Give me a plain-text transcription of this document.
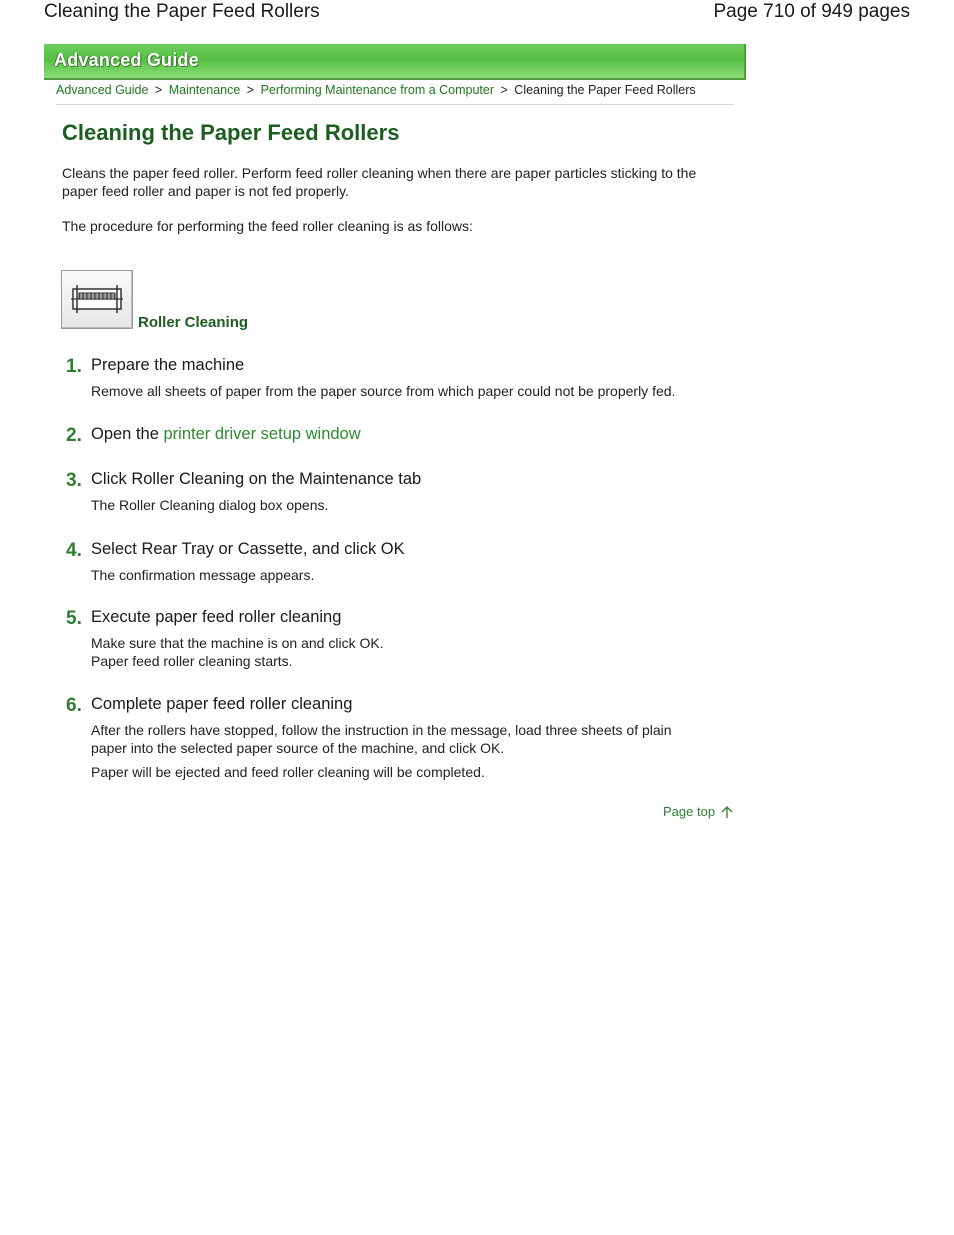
Cleaning the Paper Feed Rollers	Page 710 of 949 pages
Advanced Guide
Advanced Guide > Maintenance > Performing Maintenance from a Computer > Cleaning the Paper Feed Rollers
Cleaning the Paper Feed Rollers

Cleans the paper feed roller. Perform feed roller cleaning when there are paper particles sticking to the paper feed roller and paper is not fed properly.

The procedure for performing the feed roller cleaning is as follows:

Roller Cleaning
1. Prepare the machine

Remove all sheets of paper from the paper source from which paper could not be properly fed.

2. Open the printer driver setup window
3. Click Roller Cleaning on the Maintenance tab

The Roller Cleaning dialog box opens.

4. Select Rear Tray or Cassette, and click OK

The confirmation message appears.

5. Execute paper feed roller cleaning

Make sure that the machine is on and click OK.

Paper feed roller cleaning starts.

6. Complete paper feed roller cleaning

After the rollers have stopped, follow the instruction in the message, load three sheets of plain paper into the selected paper source of the machine, and click OK.

Paper will be ejected and feed roller cleaning will be completed.

Page top
